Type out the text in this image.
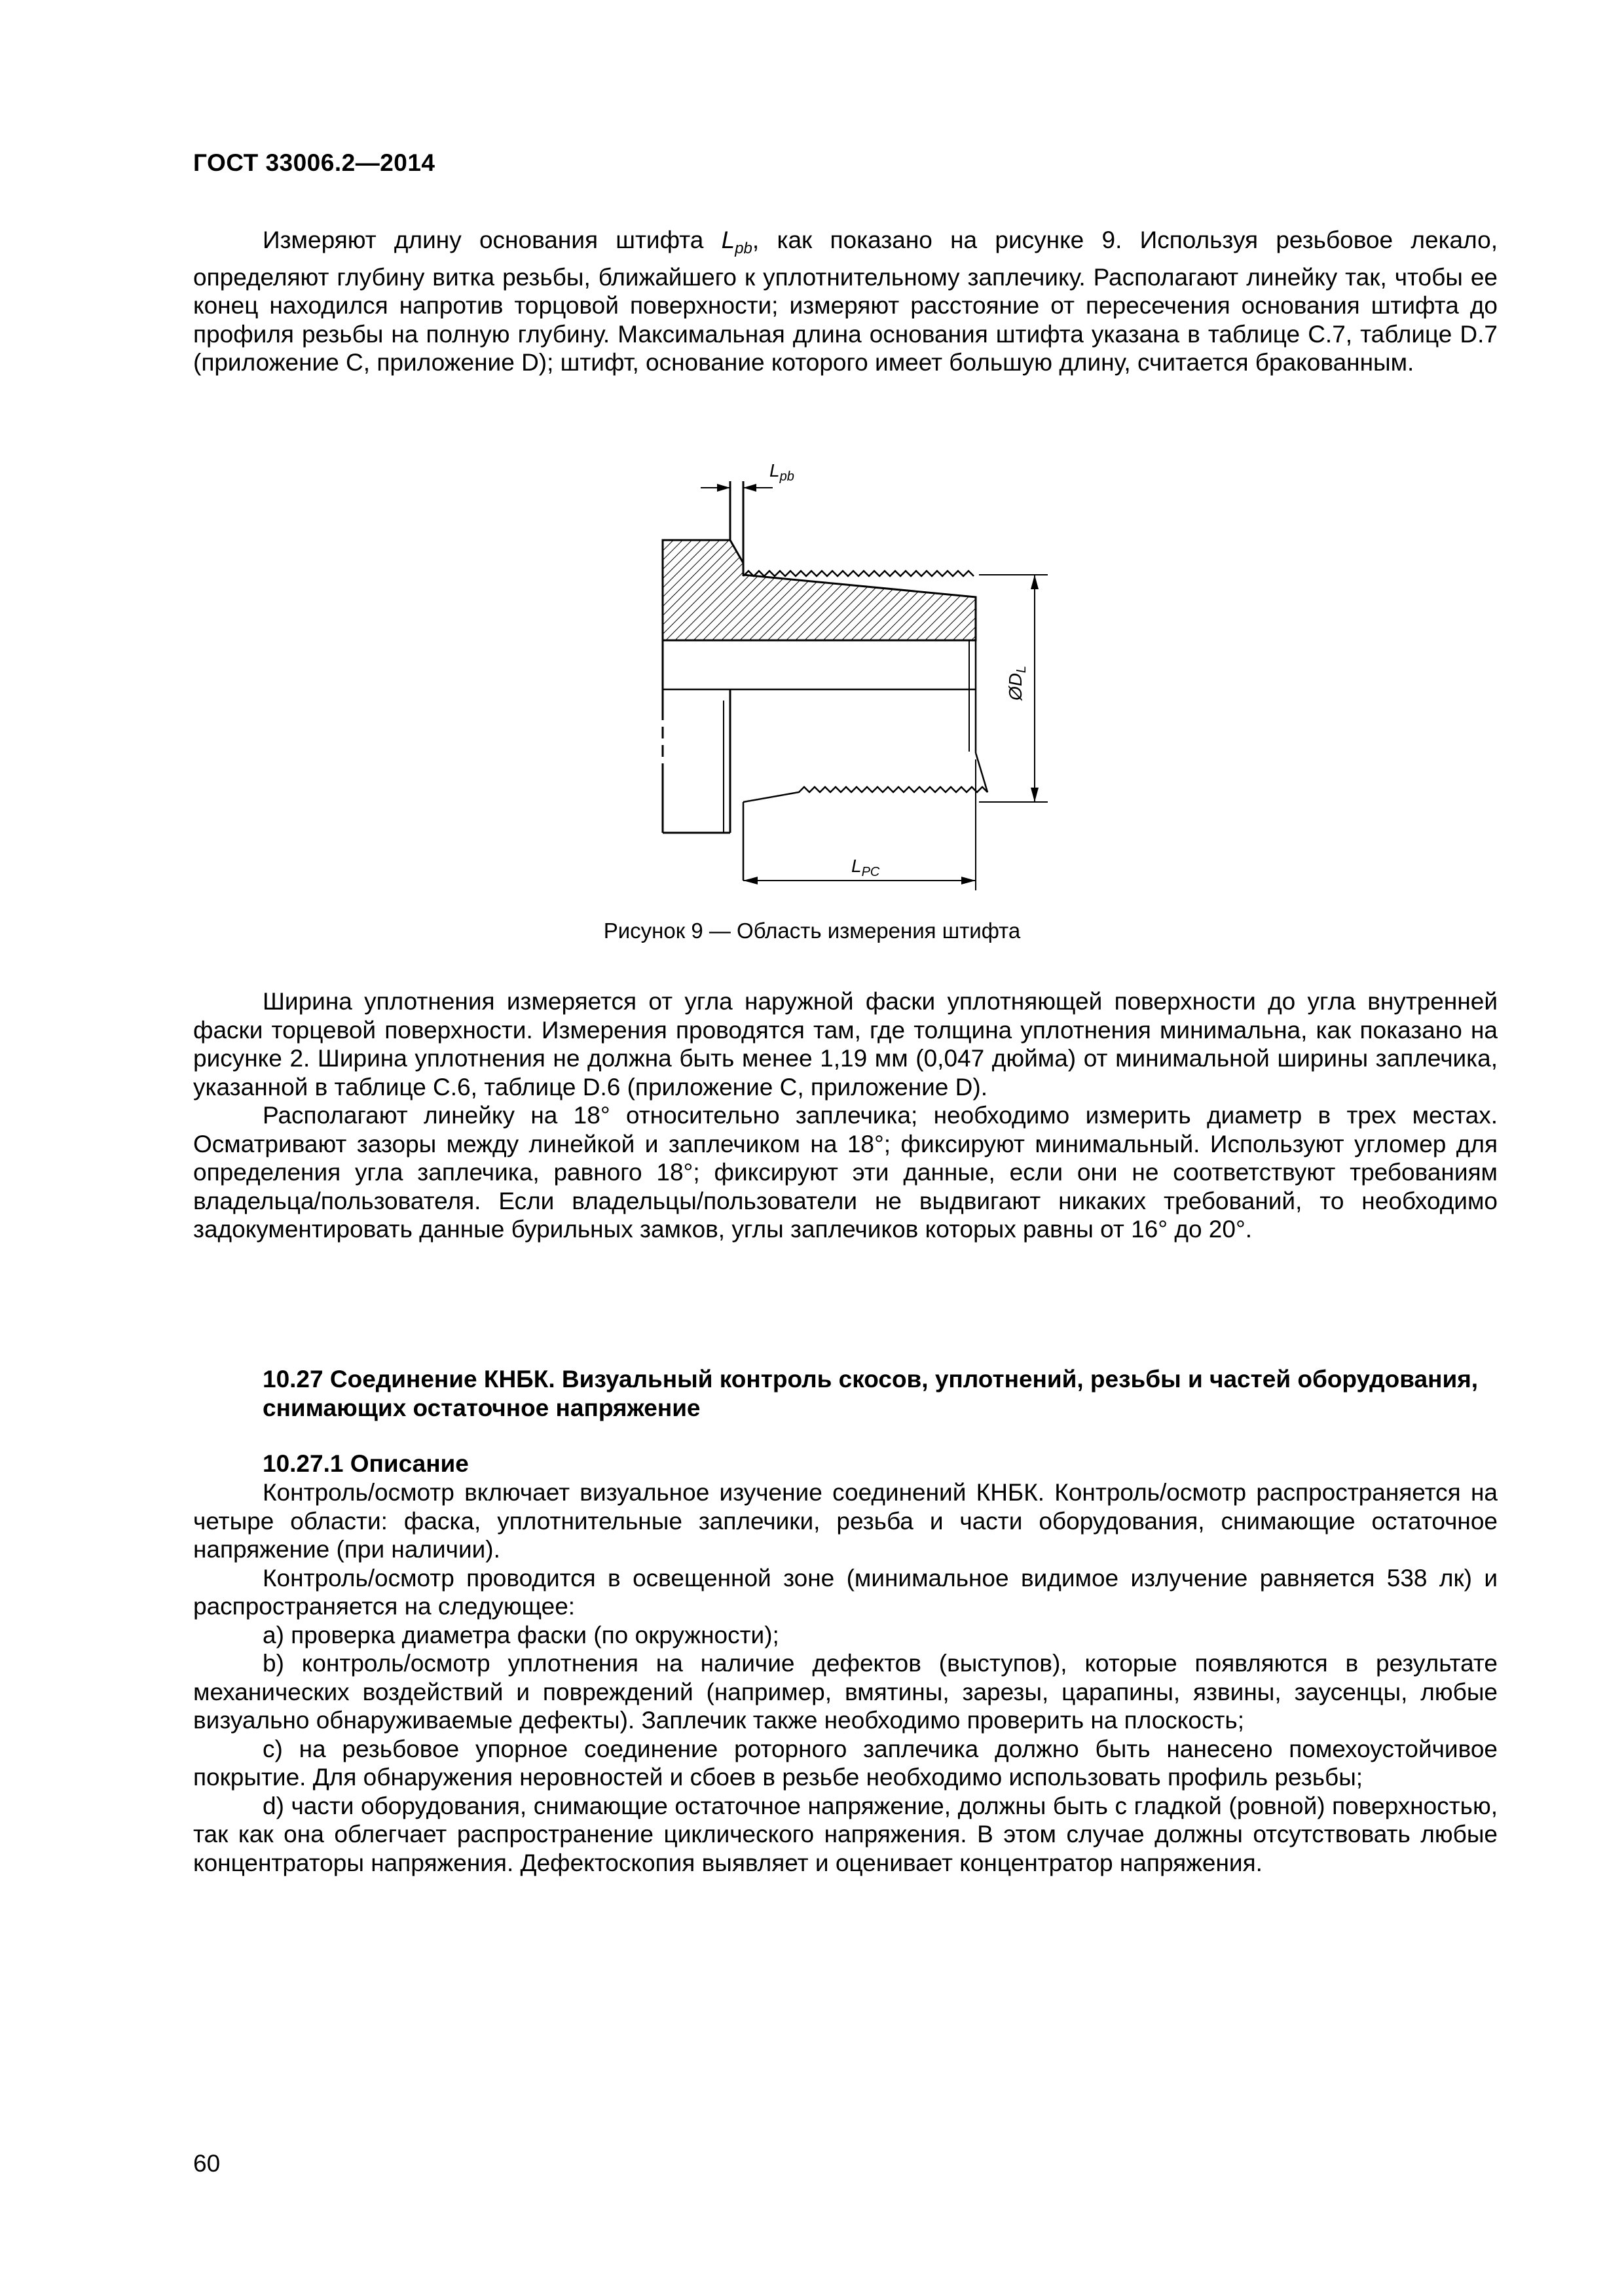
ГОСТ 33006.2—2014

Измеряют длину основания штифта $L_{pb}$, как показано на рисунке 9. Используя резьбовое лекало, определяют глубину витка резьбы, ближайшего к уплотнительному заплечику. Располагают линейку так, чтобы ее конец находился напротив торцовой поверхности; измеряют расстояние от пересечения основания штифта до профиля резьбы на полную глубину. Максимальная длина основания штифта указана в таблице C.7, таблице D.7 (приложение C, приложение D); штифт, основание которого имеет большую длину, считается бракованным.

$L_{pb}$
$ØD_L$
$L_{PC}$
Рисунок 9 — Область измерения штифта

Ширина уплотнения измеряется от угла наружной фаски уплотняющей поверхности до угла внутренней фаски торцевой поверхности. Измерения проводятся там, где толщина уплотнения минимальна, как показано на рисунке 2. Ширина уплотнения не должна быть менее 1,19 мм (0,047 дюйма) от минимальной ширины заплечика, указанной в таблице C.6, таблице D.6 (приложение C, приложение D).

Располагают линейку на 18° относительно заплечика; необходимо измерить диаметр в трех местах. Осматривают зазоры между линейкой и заплечиком на 18°; фиксируют минимальный. Используют угломер для определения угла заплечика, равного 18°; фиксируют эти данные, если они не соответствуют требованиям владельца/пользователя. Если владельцы/пользователи не выдвигают никаких требований, то необходимо задокументировать данные бурильных замков, углы заплечиков которых равны от 16° до 20°.

10.27 Соединение КНБК. Визуальный контроль скосов, уплотнений, резьбы и частей оборудования, снимающих остаточное напряжение
10.27.1 Описание

Контроль/осмотр включает визуальное изучение соединений КНБК. Контроль/осмотр распространяется на четыре области: фаска, уплотнительные заплечики, резьба и части оборудования, снимающие остаточное напряжение (при наличии).

Контроль/осмотр проводится в освещенной зоне (минимальное видимое излучение равняется 538 лк) и распространяется на следующее:

a) проверка диаметра фаски (по окружности);

b) контроль/осмотр уплотнения на наличие дефектов (выступов), которые появляются в результате механических воздействий и повреждений (например, вмятины, зарезы, царапины, язвины, заусенцы, любые визуально обнаруживаемые дефекты). Заплечик также необходимо проверить на плоскость;

c) на резьбовое упорное соединение роторного заплечика должно быть нанесено помехоустойчивое покрытие. Для обнаружения неровностей и сбоев в резьбе необходимо использовать профиль резьбы;

d) части оборудования, снимающие остаточное напряжение, должны быть с гладкой (ровной) поверхностью, так как она облегчает распространение циклического напряжения. В этом случае должны отсутствовать любые концентраторы напряжения. Дефектоскопия выявляет и оценивает концентратор напряжения.

60
